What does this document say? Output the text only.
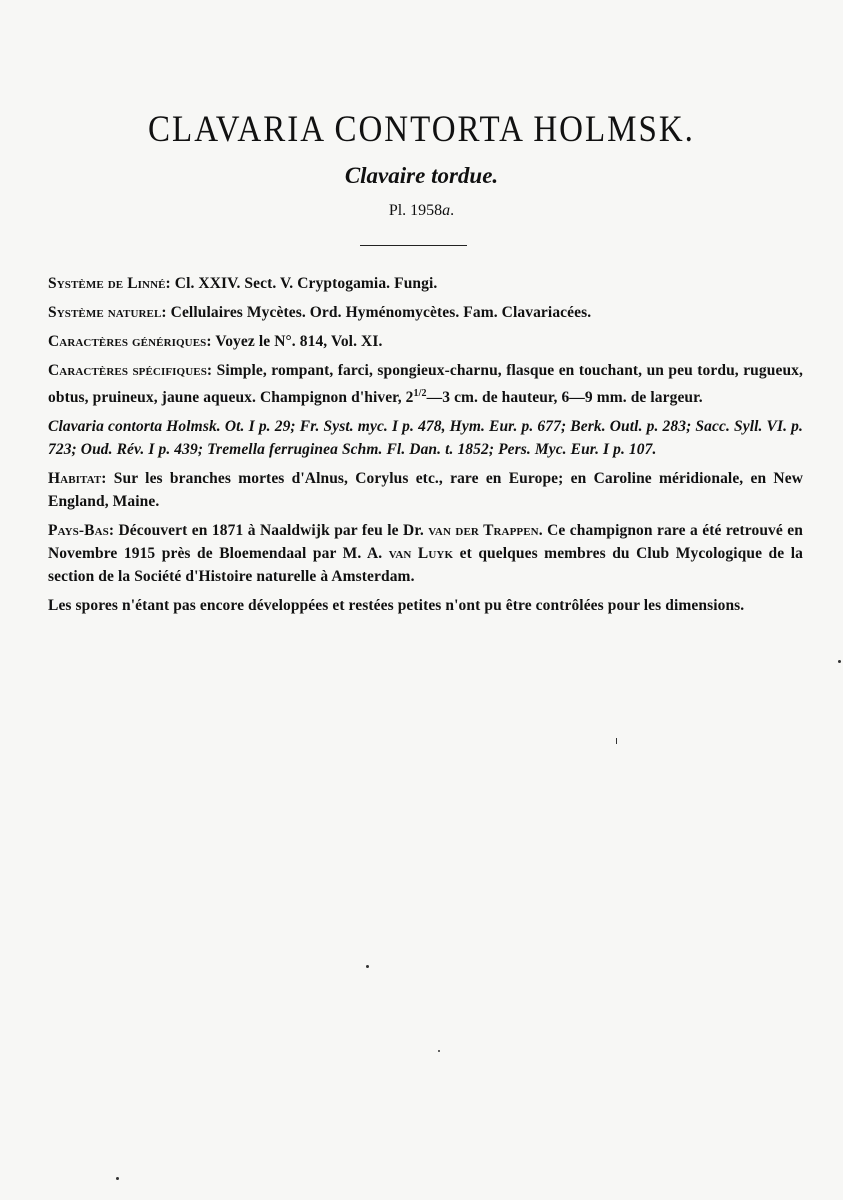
CLAVARIA CONTORTA HOLMSK.
Clavaire tordue.
Pl. 1958a.

Système de Linné: Cl. XXIV. Sect. V. Cryptogamia. Fungi.

Système naturel: Cellulaires Mycètes. Ord. Hyménomycètes. Fam. Clavariacées.

Caractères génériques: Voyez le N°. 814, Vol. XI.

Caractères spécifiques: Simple, rompant, farci, spongieux-charnu, flasque en touchant, un peu tordu, rugueux, obtus, pruineux, jaune aqueux. Champignon d'hiver, $2^{1/2}—3$ cm. de hauteur, 6—9 mm. de largeur.

Clavaria contorta Holmsk. Ot. I p. 29; Fr. Syst. myc. I p. 478, Hym. Eur. p. 677; Berk. Outl. p. 283; Sacc. Syll. VI. p. 723; Oud. Rév. I p. 439; Tremella ferruginea Schm. Fl. Dan. t. 1852; Pers. Myc. Eur. I p. 107.

Habitat: Sur les branches mortes d'Alnus, Corylus etc., rare en Europe; en Caroline méridionale, en New England, Maine.

Pays-Bas: Découvert en 1871 à Naaldwijk par feu le Dr. van der Trappen. Ce champignon rare a été retrouvé en Novembre 1915 près de Bloemendaal par M. A. van Luyk et quelques membres du Club Mycologique de la section de la Société d'Histoire naturelle à Amsterdam.

Les spores n'étant pas encore développées et restées petites n'ont pu être contrôlées pour les dimensions.
